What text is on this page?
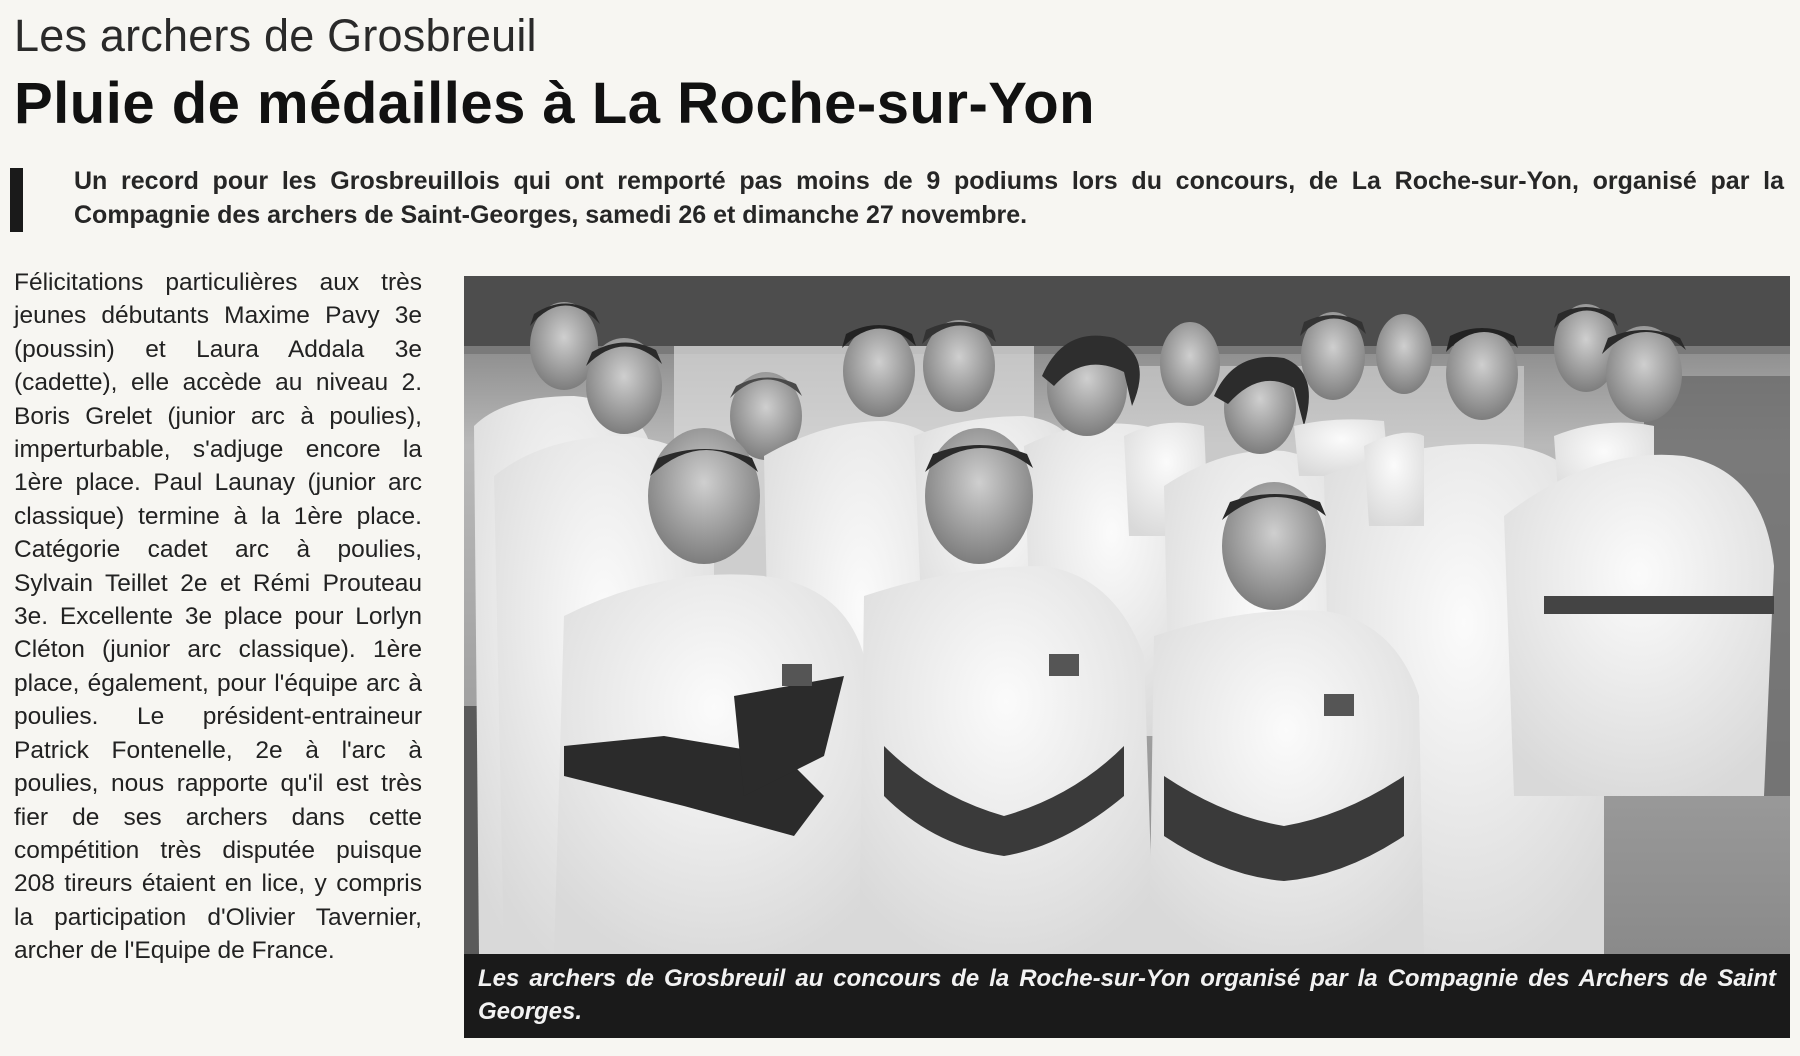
Les archers de Grosbreuil
Pluie de médailles à La Roche-sur-Yon

Un record pour les Grosbreuillois qui ont remporté pas moins de 9 podiums lors du concours, de La Roche-sur-Yon, organisé par la Compagnie des archers de Saint-Georges, samedi 26 et dimanche 27 novembre.

Félicitations particulières aux très jeunes débutants Maxime Pavy 3e (poussin) et Laura Addala 3e (cadette), elle accède au niveau 2. Boris Grelet (junior arc à poulies), imperturbable, s'adjuge encore la 1ère place. Paul Launay (junior arc classique) termine à la 1ère place. Catégorie cadet arc à poulies, Sylvain Teillet 2e et Rémi Prouteau 3e. Excellente 3e place pour Lorlyn Cléton (junior arc classique). 1ère place, également, pour l'équipe arc à poulies. Le président-entraineur Patrick Fontenelle, 2e à l'arc à poulies, nous rapporte qu'il est très fier de ses archers dans cette compétition très disputée puisque 208 tireurs étaient en lice, y compris la participation d'Olivier Tavernier, archer de l'Equipe de France.

Les archers de Grosbreuil au concours de la Roche-sur-Yon organisé par la Compagnie des Archers de Saint Georges.
